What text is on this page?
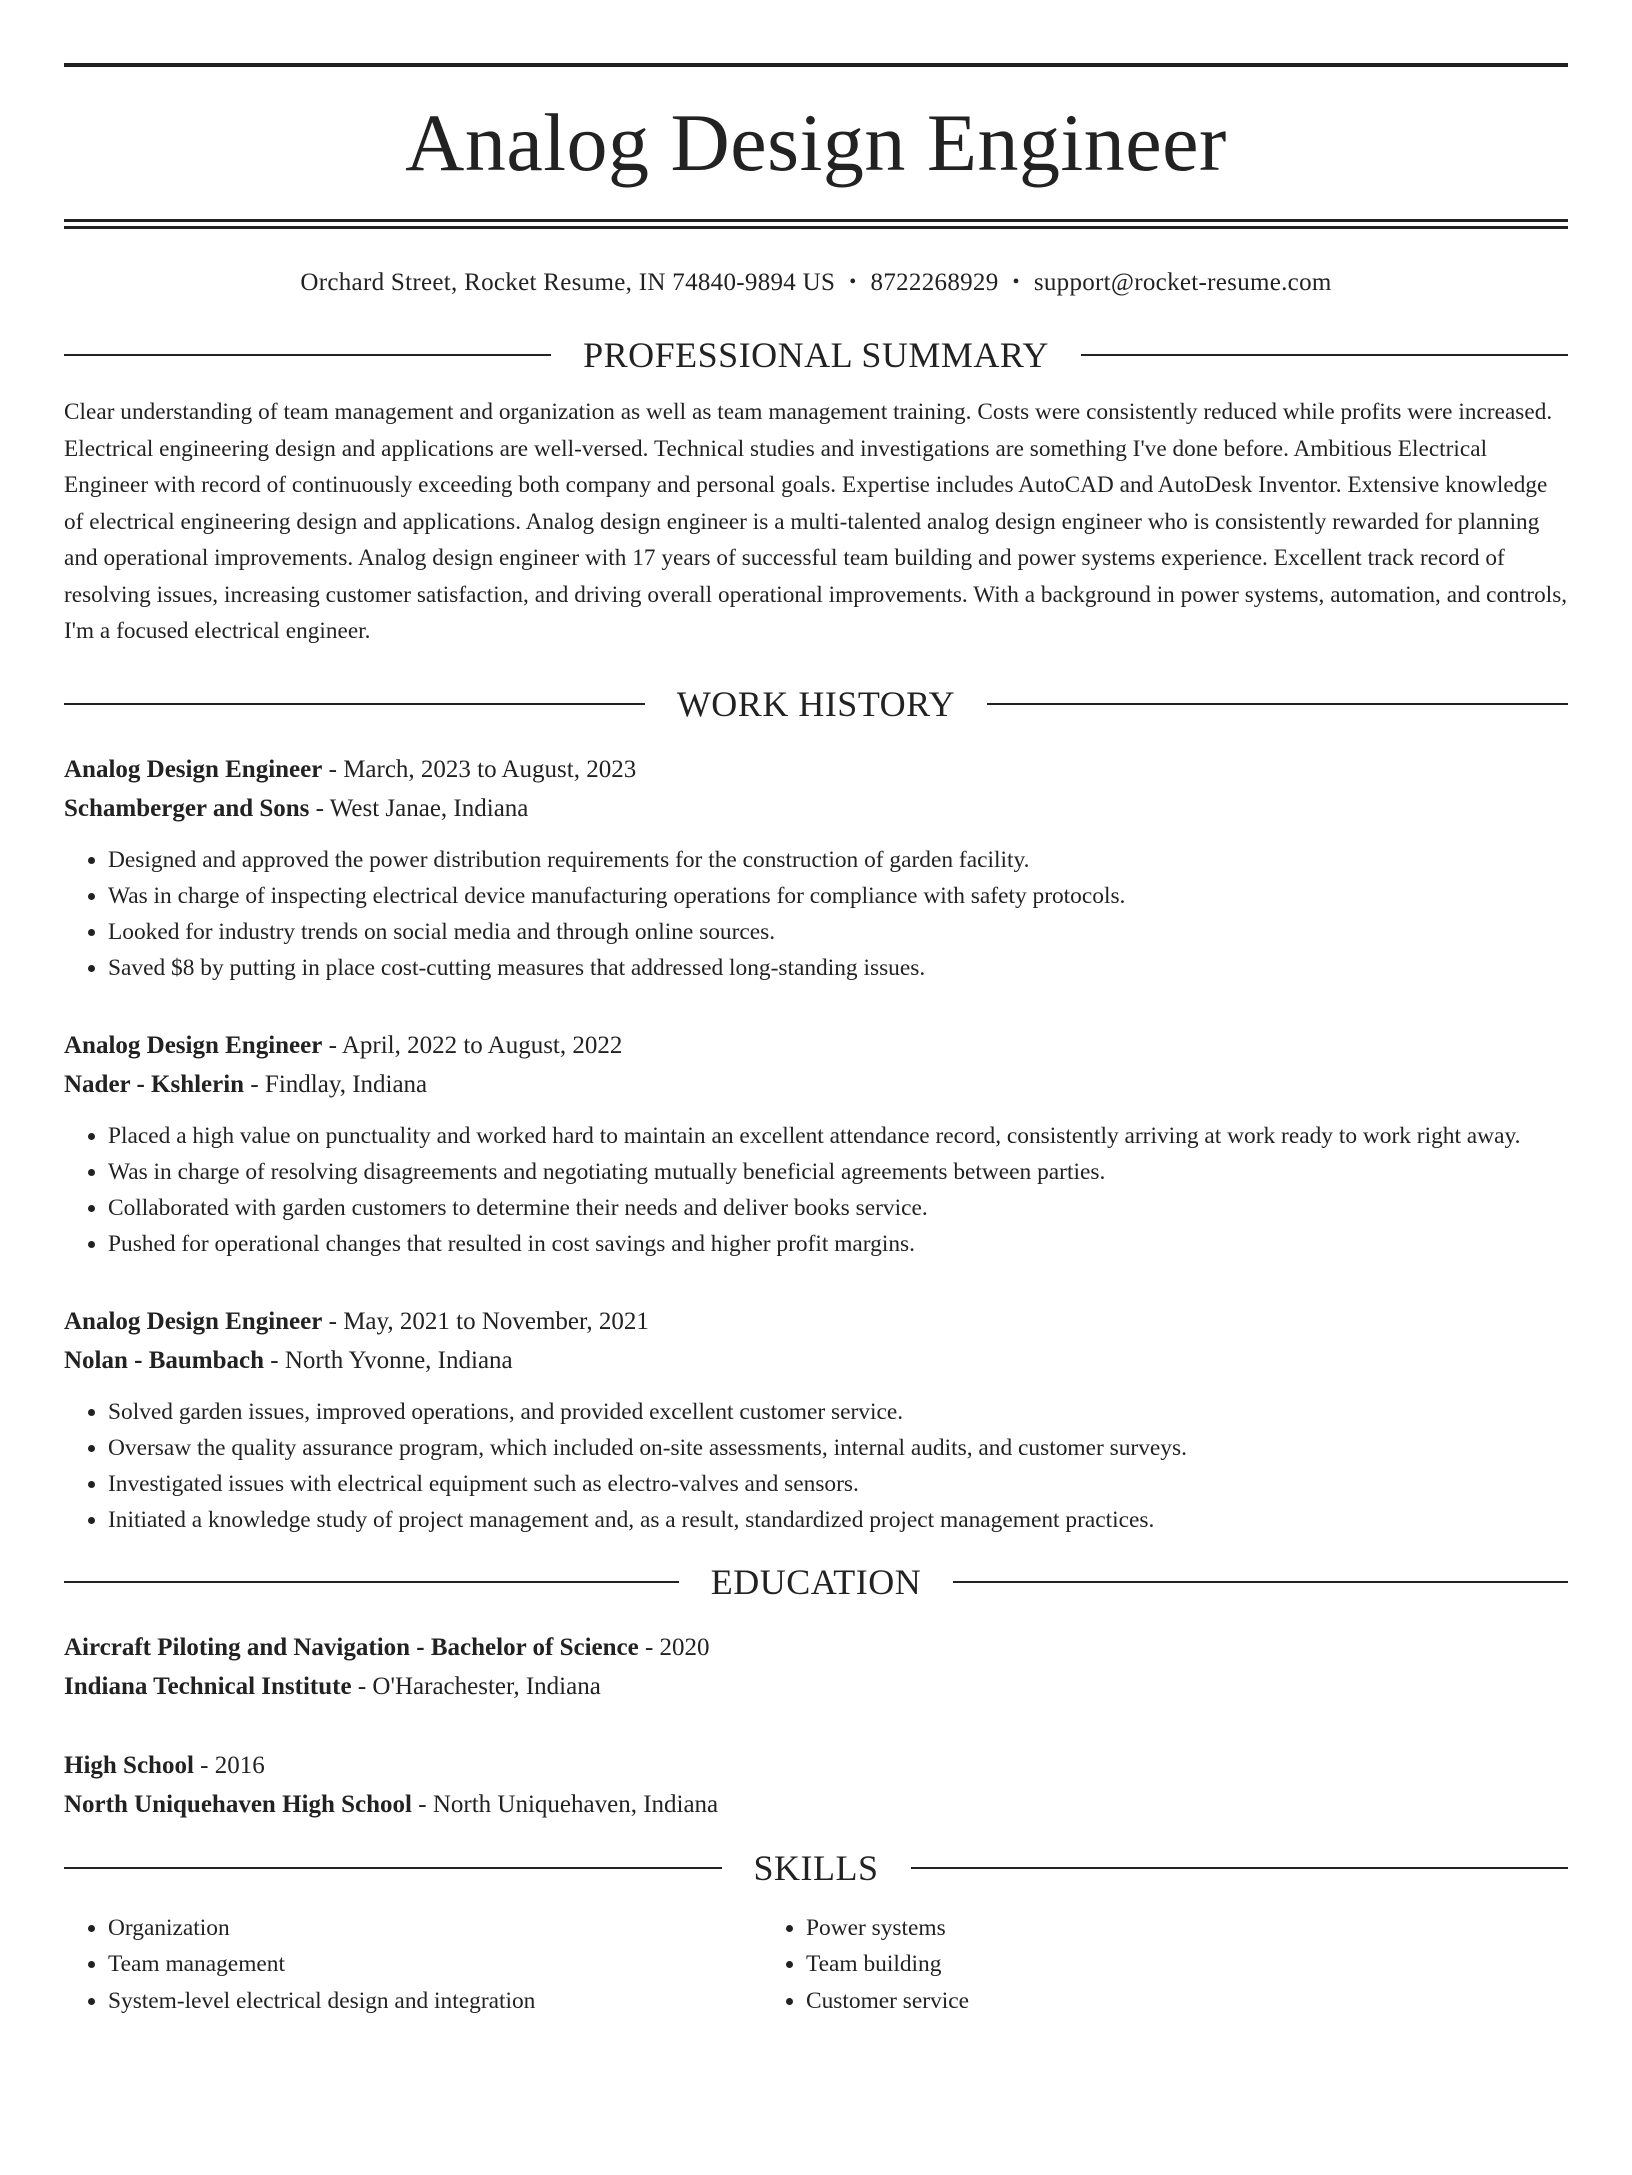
Analog Design Engineer
Orchard Street, Rocket Resume, IN 74840-9894 US • 8722268929 • support@rocket-resume.com
PROFESSIONAL SUMMARY
Clear understanding of team management and organization as well as team management training. Costs were consistently reduced while profits were increased. Electrical engineering design and applications are well-versed. Technical studies and investigations are something I've done before. Ambitious Electrical Engineer with record of continuously exceeding both company and personal goals. Expertise includes AutoCAD and AutoDesk Inventor. Extensive knowledge of electrical engineering design and applications. Analog design engineer is a multi-talented analog design engineer who is consistently rewarded for planning and operational improvements. Analog design engineer with 17 years of successful team building and power systems experience. Excellent track record of resolving issues, increasing customer satisfaction, and driving overall operational improvements. With a background in power systems, automation, and controls, I'm a focused electrical engineer.
WORK HISTORY
Analog Design Engineer - March, 2023 to August, 2023
Schamberger and Sons - West Janae, Indiana
• Designed and approved the power distribution requirements for the construction of garden facility.
• Was in charge of inspecting electrical device manufacturing operations for compliance with safety protocols.
• Looked for industry trends on social media and through online sources.
• Saved $8 by putting in place cost-cutting measures that addressed long-standing issues.
Analog Design Engineer - April, 2022 to August, 2022
Nader - Kshlerin - Findlay, Indiana
• Placed a high value on punctuality and worked hard to maintain an excellent attendance record, consistently arriving at work ready to work right away.
• Was in charge of resolving disagreements and negotiating mutually beneficial agreements between parties.
• Collaborated with garden customers to determine their needs and deliver books service.
• Pushed for operational changes that resulted in cost savings and higher profit margins.
Analog Design Engineer - May, 2021 to November, 2021
Nolan - Baumbach - North Yvonne, Indiana
• Solved garden issues, improved operations, and provided excellent customer service.
• Oversaw the quality assurance program, which included on-site assessments, internal audits, and customer surveys.
• Investigated issues with electrical equipment such as electro-valves and sensors.
• Initiated a knowledge study of project management and, as a result, standardized project management practices.
EDUCATION
Aircraft Piloting and Navigation - Bachelor of Science - 2020
Indiana Technical Institute - O'Harachester, Indiana
High School - 2016
North Uniquehaven High School - North Uniquehaven, Indiana
SKILLS
• Organization
• Team management
• System-level electrical design and integration
• Power systems
• Team building
• Customer service
